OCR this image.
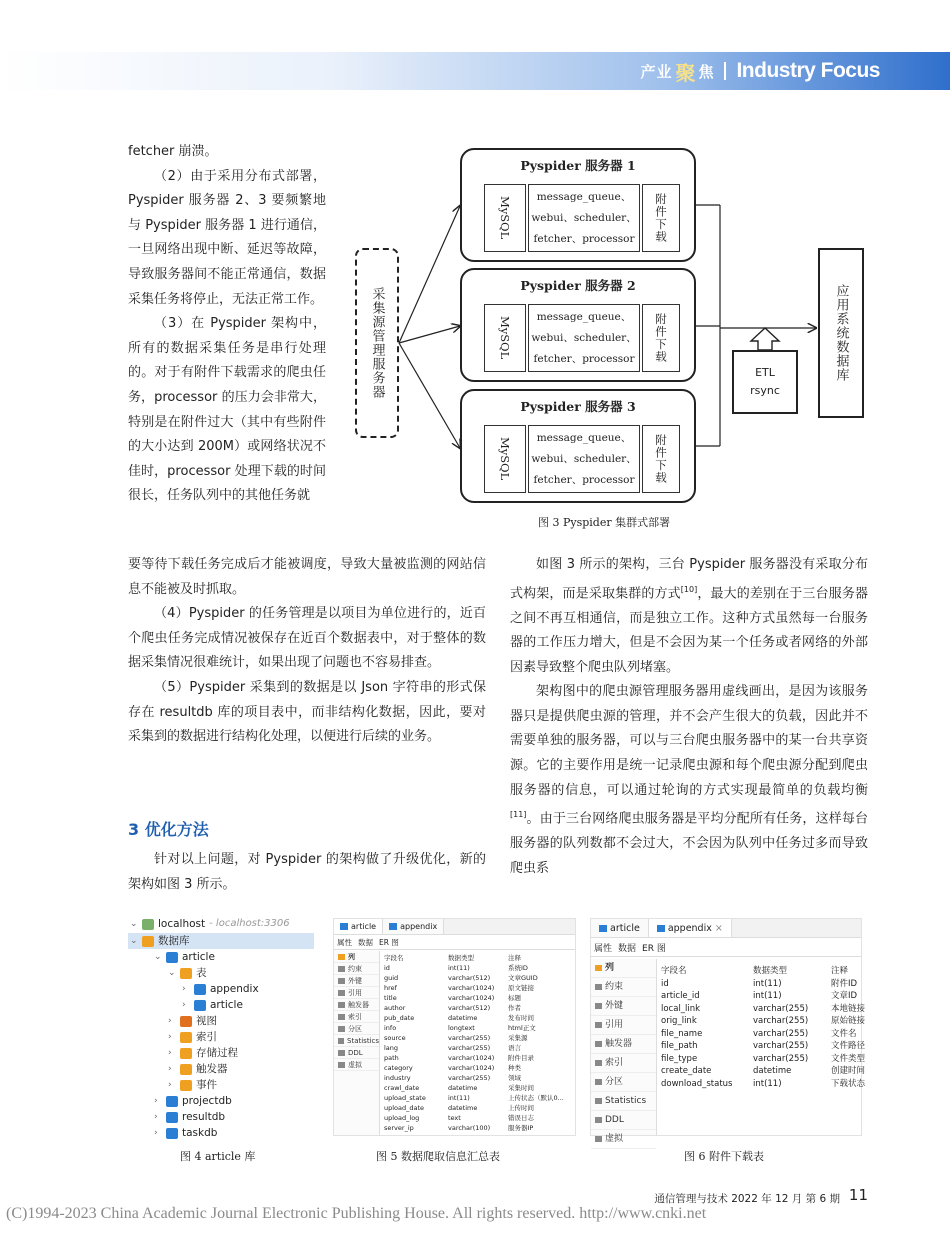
产业 聚 焦 Industry Focus

fetcher 崩溃。

（2）由于采用分布式部署，Pyspider 服务器 2、3 要频繁地与 Pyspider 服务器 1 进行通信，一旦网络出现中断、延迟等故障，导致服务器间不能正常通信，数据采集任务将停止，无法正常工作。

（3）在 Pyspider 架构中，所有的数据采集任务是串行处理的。对于有附件下载需求的爬虫任务，processor 的压力会非常大，特别是在附件过大（其中有些附件的大小达到 200M）或网络状况不佳时，processor 处理下载的时间很长，任务队列中的其他任务就

要等待下载任务完成后才能被调度，导致大量被监测的网站信息不能被及时抓取。

（4）Pyspider 的任务管理是以项目为单位进行的，近百个爬虫任务完成情况被保存在近百个数据表中，对于整体的数据采集情况很难统计，如果出现了问题也不容易排查。

（5）Pyspider 采集到的数据是以 Json 字符串的形式保存在 resultdb 库的项目表中，而非结构化数据，因此，要对采集到的数据进行结构化处理，以便进行后续的业务。

3 优化方法

针对以上问题，对 Pyspider 的架构做了升级优化，新的架构如图 3 所示。

如图 3 所示的架构，三台 Pyspider 服务器没有采取分布式构架，而是采取集群的方式[10]，最大的差别在于三台服务器之间不再互相通信，而是独立工作。这种方式虽然每一台服务器的工作压力增大，但是不会因为某一个任务或者网络的外部因素导致整个爬虫队列堵塞。

架构图中的爬虫源管理服务器用虚线画出，是因为该服务器只是提供爬虫源的管理，并不会产生很大的负载，因此并不需要单独的服务器，可以与三台爬虫服务器中的某一台共享资源。它的主要作用是统一记录爬虫源和每个爬虫源分配到爬虫服务器的信息，可以通过轮询的方式实现最简单的负载均衡[11]。由于三台网络爬虫服务器是平均分配所有任务，这样每台服务器的队列数都不会过大，不会因为队列中任务过多而导致爬虫系

采集源管理服务器
Pyspider 服务器 1
MySQL	message_queue、
webui、scheduler、
fetcher、processor	附件下载
Pyspider 服务器 2
MySQL	message_queue、
webui、scheduler、
fetcher、processor	附件下载
Pyspider 服务器 3
MySQL	message_queue、
webui、scheduler、
fetcher、processor	附件下载
ETL
rsync
应用系统数据库
图 3 Pyspider 集群式部署
⌄	localhost - localhost:3306
⌄	数据库
⌄	article
⌄	表
›	appendix
›	article
›	视图
›	索引
›	存储过程
›	触发器
›	事件
›	projectdb
›	resultdb
›	taskdb
图 4 article 库
article	appendix
属性 数据 ER 图
列
约束
外键
引用
触发器
索引
分区
Statistics
DDL
虚拟
字段名	数据类型	注释
id	int(11)	系统ID
guid	varchar(512)	文章GUID
href	varchar(1024)	原文链接
title	varchar(1024)	标题
author	varchar(512)	作者
pub_date	datetime	发布时间
info	longtext	html正文
source	varchar(255)	采集源
lang	varchar(255)	语言
path	varchar(1024)	附件目录
category	varchar(1024)	种类
industry	varchar(255)	领域
crawl_date	datetime	采集时间
upload_state	int(11)	上传状态（默认0...
upload_date	datetime	上传时间
upload_log	text	错误日志
server_ip	varchar(100)	服务器IP
图 5 数据爬取信息汇总表
article	appendix ×
属性 数据 ER 图
列
约束
外键
引用
触发器
索引
分区
Statistics
DDL
虚拟
字段名	数据类型	注释
id	int(11)	附件ID
article_id	int(11)	文章ID
local_link	varchar(255)	本地链接
orig_link	varchar(255)	原始链接
file_name	varchar(255)	文件名
file_path	varchar(255)	文件路径
file_type	varchar(255)	文件类型
create_date	datetime	创建时间
download_status	int(11)	下载状态
图 6 附件下载表
通信管理与技术 2022 年 12 月 第 6 期 11
(C)1994-2023 China Academic Journal Electronic Publishing House. All rights reserved. http://www.cnki.net
